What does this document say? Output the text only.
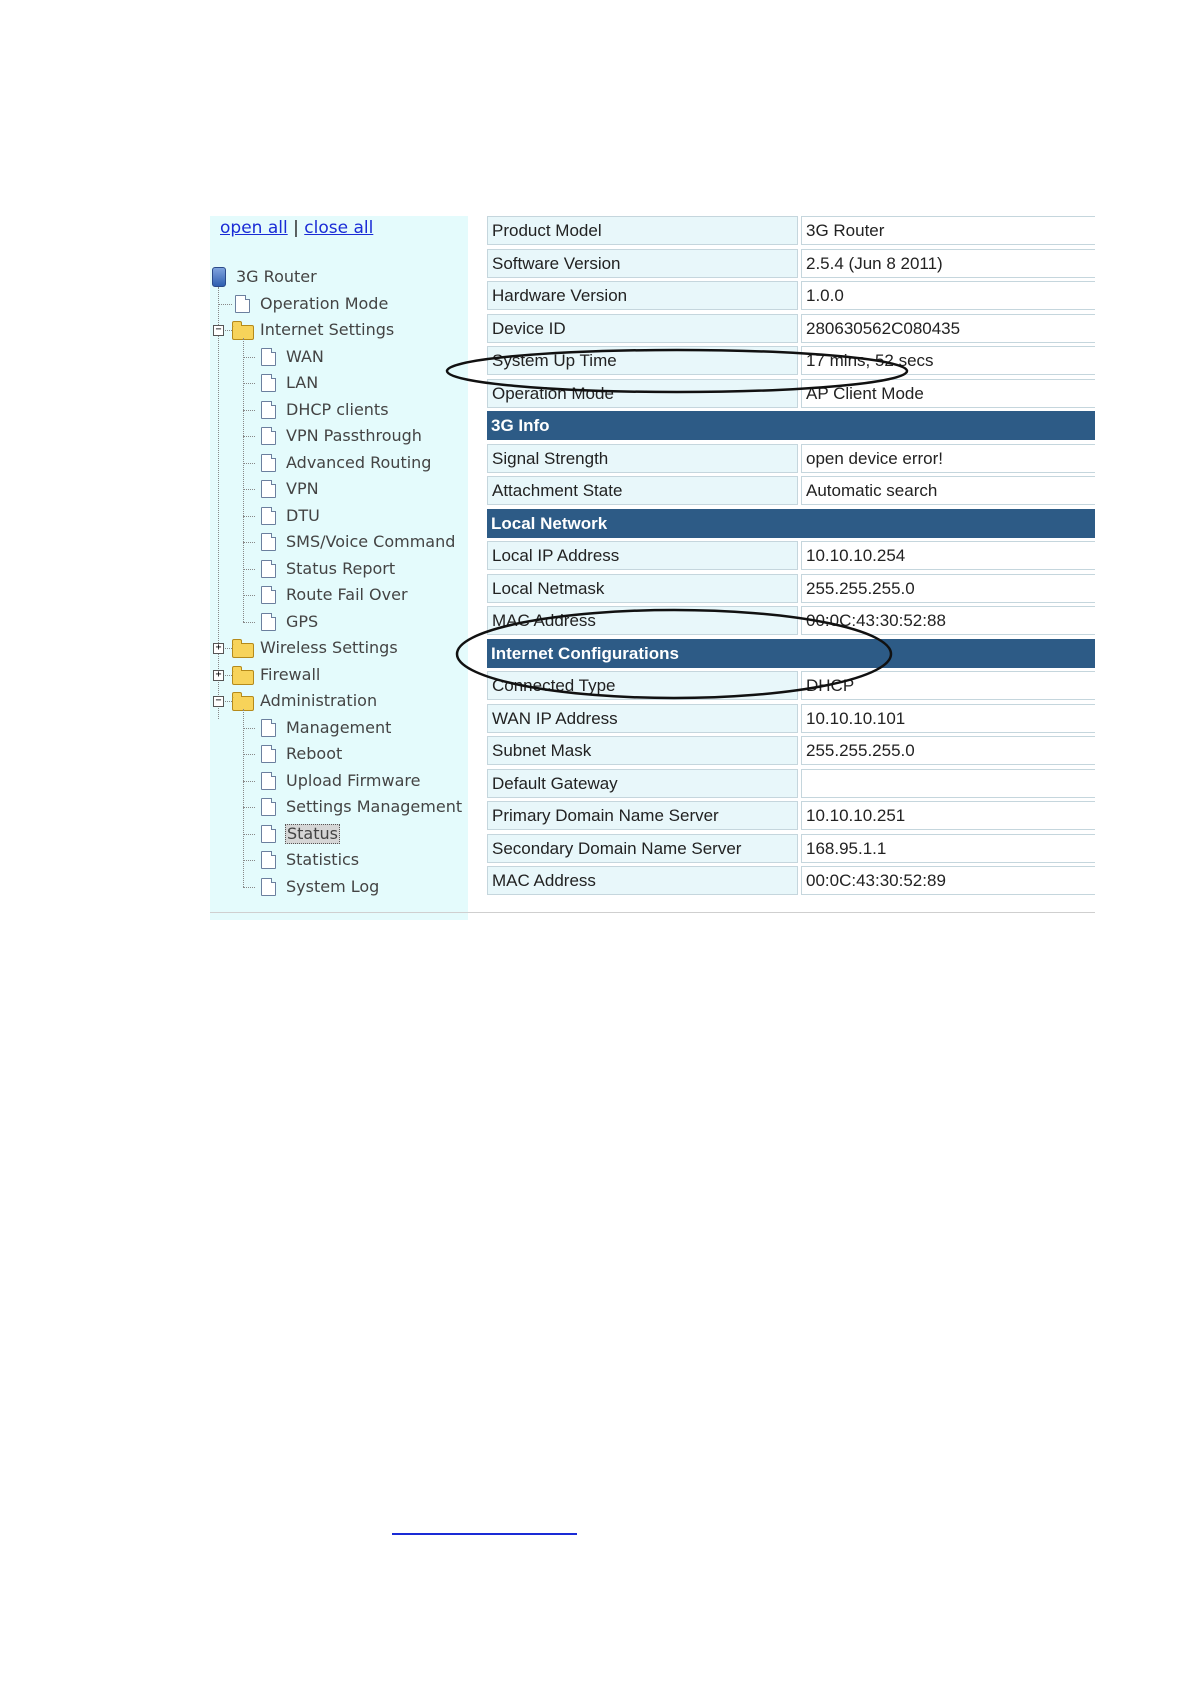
open all | close all
3G Router
Operation Mode
− Internet Settings
WAN
LAN
DHCP clients
VPN Passthrough
Advanced Routing
VPN
DTU
SMS/Voice Command
Status Report
Route Fail Over
GPS
+ Wireless Settings
+ Firewall
− Administration
Management
Reboot
Upload Firmware
Settings Management
Status
Statistics
System Log
Product Model	3G Router
Software Version	2.5.4 (Jun 8 2011)
Hardware Version	1.0.0
Device ID	280630562C080435
System Up Time	17 mins, 52 secs
Operation Mode	AP Client Mode
3G Info
Signal Strength	open device error!
Attachment State	Automatic search
Local Network
Local IP Address	10.10.10.254
Local Netmask	255.255.255.0
MAC Address	00:0C:43:30:52:88
Internet Configurations
Connected Type	DHCP
WAN IP Address	10.10.10.101
Subnet Mask	255.255.255.0
Default Gateway
Primary Domain Name Server	10.10.10.251
Secondary Domain Name Server	168.95.1.1
MAC Address	00:0C:43:30:52:89
